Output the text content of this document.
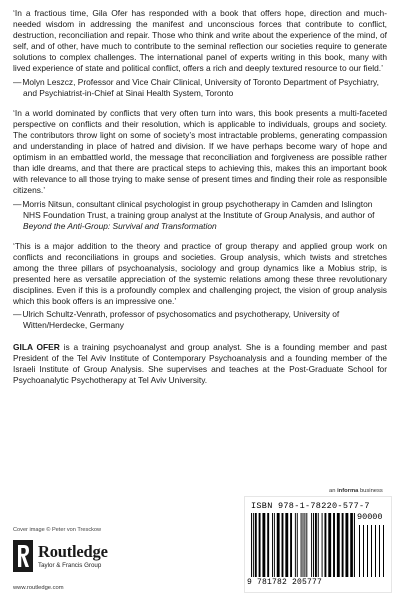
‘In a fractious time, Gila Ofer has responded with a book that offers hope, direction and much-needed wisdom in addressing the manifest and unconscious forces that contribute to conflict, destruction, reconciliation and repair. Those who think and write about the experience of the mind, of self, and of other, have much to contribute to the seminal reflection our societies require to generate solutions to complex challenges. The international panel of experts writing in this book, many with lived experience of state and political conflict, offers a rich and deeply textured resource to our field.’

—Molyn Leszcz, Professor and Vice Chair Clinical, University of Toronto Department of Psychiatry, and Psychiatrist-in-Chief at Sinai Health System, Toronto

‘In a world dominated by conflicts that very often turn into wars, this book presents a multi-faceted perspective on conflicts and their resolution, which is applicable to individuals, groups and society. The contributors throw light on some of society’s most intractable problems, generating compassion and understanding in place of hatred and division. If we have perhaps become wary of hope and optimism in an embattled world, the message that reconciliation and forgiveness are possible rather than idle dreams, and that there are practical steps to achieving this, makes this an important book with relevance to all those trying to make sense of present times and finding their role as responsible citizens.’

—Morris Nitsun, consultant clinical psychologist in group psychotherapy in Camden and Islington NHS Foundation Trust, a training group analyst at the Institute of Group Analysis, and author of Beyond the Anti-Group: Survival and Transformation

‘This is a major addition to the theory and practice of group therapy and applied group work on conflicts and reconciliations in groups and societies. Group analysis, which twists and stretches among the three pillars of psychoanalysis, sociology and group dynamics like a Mobius strip, is presented here as versatile appreciation of the systemic relations among these three revolutionary disciplines. Even if this is a profoundly complex and challenging project, the vision of group analysis which this book offers is an impressive one.’

—Ulrich Schultz-Venrath, professor of psychosomatics and psychotherapy, University of Witten/Herdecke, Germany

GILA OFER is a training psychoanalyst and group analyst. She is a founding member and past President of the Tel Aviv Institute of Contemporary Psychoanalysis and a founding member of the Israeli Institute of Group Analysis. She supervises and teaches at the Post-Graduate School for Psychoanalytic Psychotherapy at Tel Aviv University.

an informa business
ISBN 978-1-78220-577-7
90000
9 781782 205777
Cover image © Peter von Tresckow
Routledge
Taylor & Francis Group
www.routledge.com
